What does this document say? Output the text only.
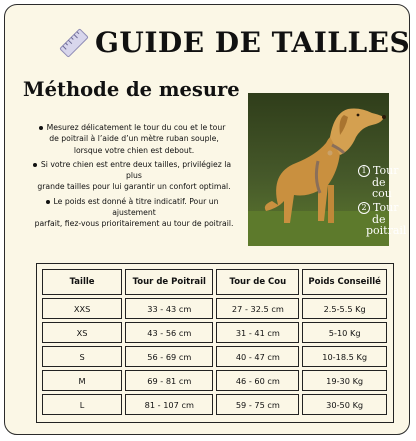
GUIDE DE TAILLES
Méthode de mesure

Mesurez délicatement le tour du cou et le tour
de poitrail à l’aide d’un mètre ruban souple,
lorsque votre chien est debout.

Si votre chien est entre deux tailles, privilégiez la
plus
grande tailles pour lui garantir un confort optimal.

Le poids est donné à titre indicatif. Pour un
ajustement
parfait, fiez-vous prioritairement au tour de poitrail.

1 Tour
de
cou
2 Tour
de
poitrail
Taille	Tour de Poitrail	Tour de Cou	Poids Conseillé
XXS	33 - 43 cm	27 - 32.5 cm	2.5-5.5 Kg
XS	43 - 56 cm	31 - 41 cm	5-10 Kg
S	56 - 69 cm	40 - 47 cm	10-18.5 Kg
M	69 - 81 cm	46 - 60 cm	19-30 Kg
L	81 - 107 cm	59 - 75 cm	30-50 Kg
